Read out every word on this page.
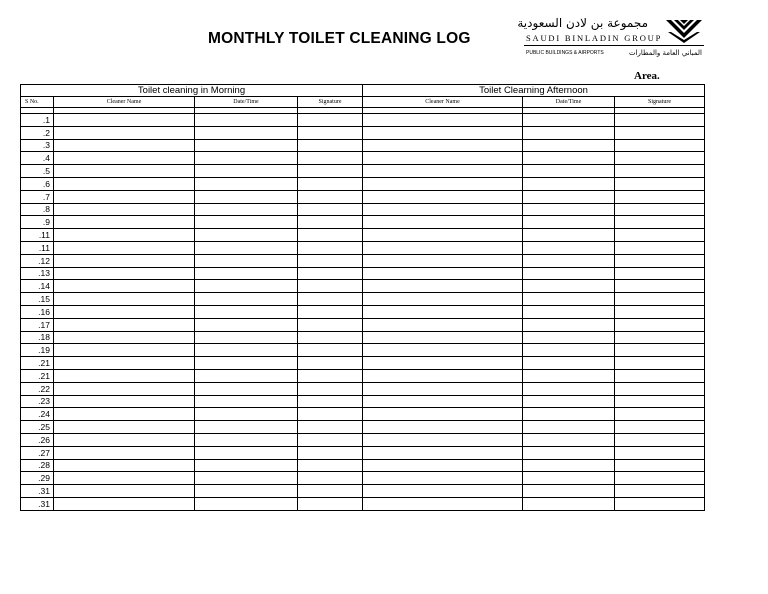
MONTHLY TOILET CLEANING LOG
مجموعة بن لادن السعودية
SAUDI BINLADIN GROUP
PUBLIC BUILDINGS & AIRPORTS	المباني العامة والمطارات
Area.
Toilet cleaning in Morning				Toilet Clearning Afternoon		
S No.	Cleaner Name	Date/Time	Signature	Cleaner Name	Date/Time	Signature

.1						
.2						
.3						
.4						
.5						
.6						
.7						
.8						
.9						
.11						
.11						
.12						
.13						
.14						
.15						
.16						
.17						
.18						
.19						
.21						
.21						
.22						
.23						
.24						
.25						
.26						
.27						
.28						
.29						
.31						
.31						
